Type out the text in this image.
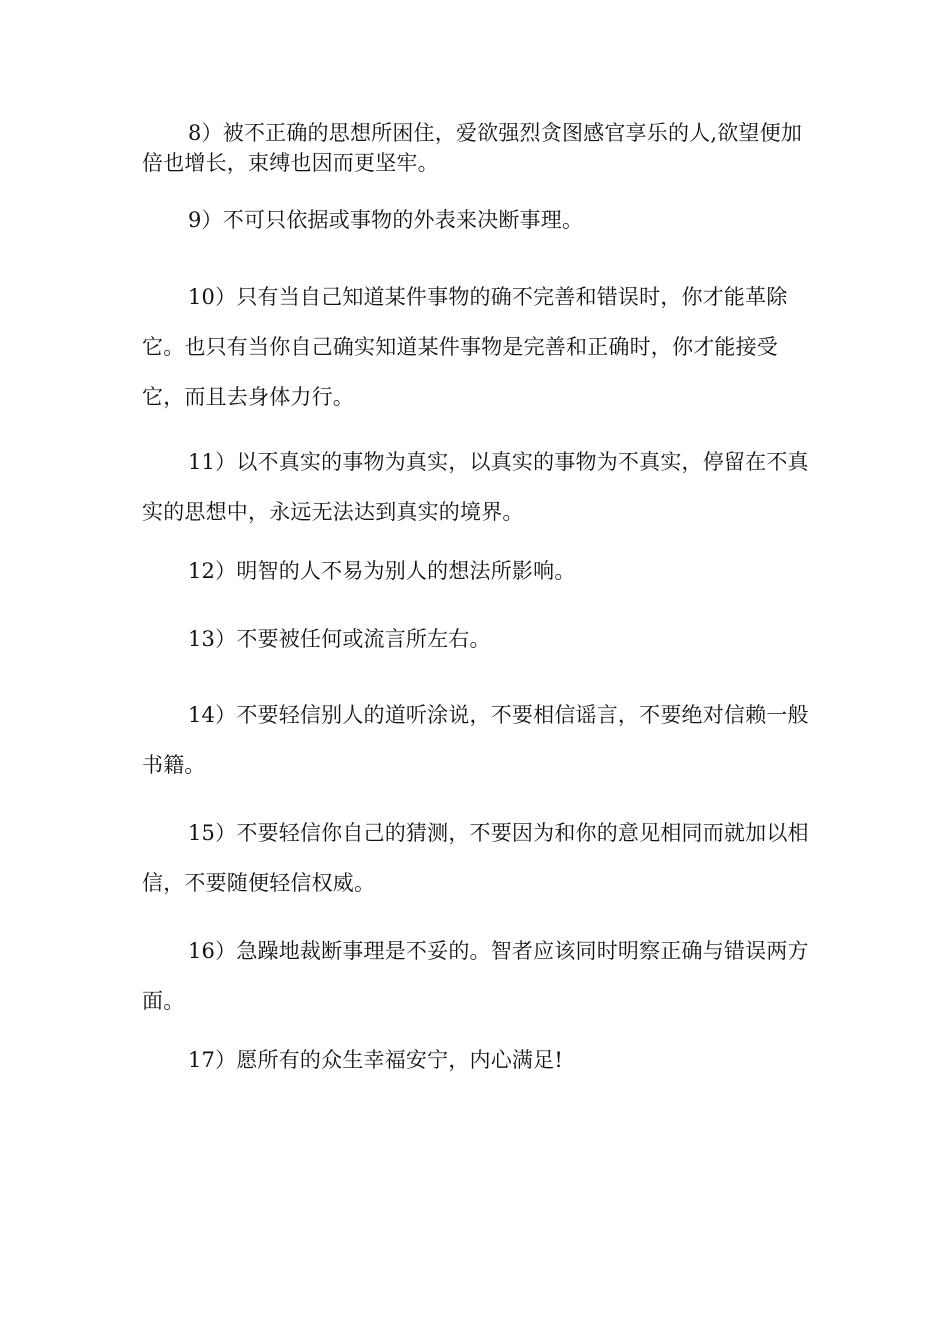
8）被不正确的思想所困住，爱欲强烈贪图感官享乐的人,欲望便加倍也增长，束缚也因而更坚牢。

9）不可只依据或事物的外表来决断事理。

10）只有当自己知道某件事物的确不完善和错误时，你才能革除它。也只有当你自己确实知道某件事物是完善和正确时，你才能接受它，而且去身体力行。

11）以不真实的事物为真实，以真实的事物为不真实，停留在不真实的思想中，永远无法达到真实的境界。

12）明智的人不易为别人的想法所影响。

13）不要被任何或流言所左右。

14）不要轻信别人的道听涂说，不要相信谣言，不要绝对信赖一般书籍。

15）不要轻信你自己的猜测，不要因为和你的意见相同而就加以相信，不要随便轻信权威。

16）急躁地裁断事理是不妥的。智者应该同时明察正确与错误两方面。

17）愿所有的众生幸福安宁，内心满足!
